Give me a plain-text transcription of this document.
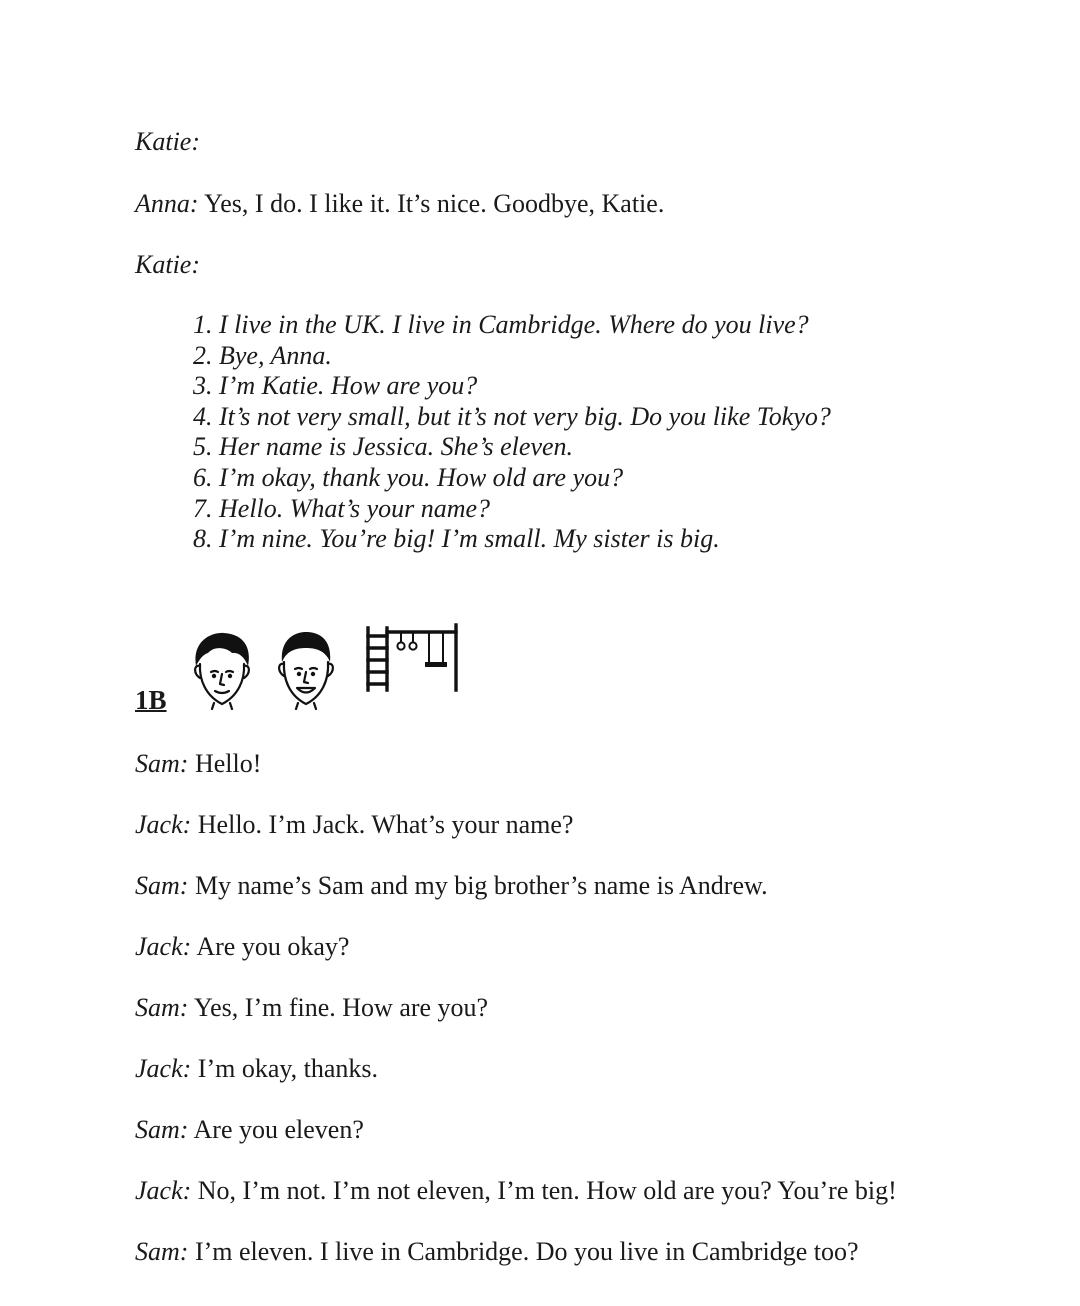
Katie:
Anna: Yes, I do. I like it. It’s nice. Goodbye, Katie.
Katie:
1. I live in the UK. I live in Cambridge. Where do you live?
2. Bye, Anna.
3. I’m Katie. How are you?
4. It’s not very small, but it’s not very big. Do you like Tokyo?
5. Her name is Jessica. She’s eleven.
6. I’m okay, thank you. How old are you?
7. Hello. What’s your name?
8. I’m nine. You’re big! I’m small. My sister is big.
1B
Sam: Hello!
Jack: Hello. I’m Jack. What’s your name?
Sam: My name’s Sam and my big brother’s name is Andrew.
Jack: Are you okay?
Sam: Yes, I’m fine. How are you?
Jack: I’m okay, thanks.
Sam: Are you eleven?
Jack: No, I’m not. I’m not eleven, I’m ten. How old are you? You’re big!
Sam: I’m eleven. I live in Cambridge. Do you live in Cambridge too?
